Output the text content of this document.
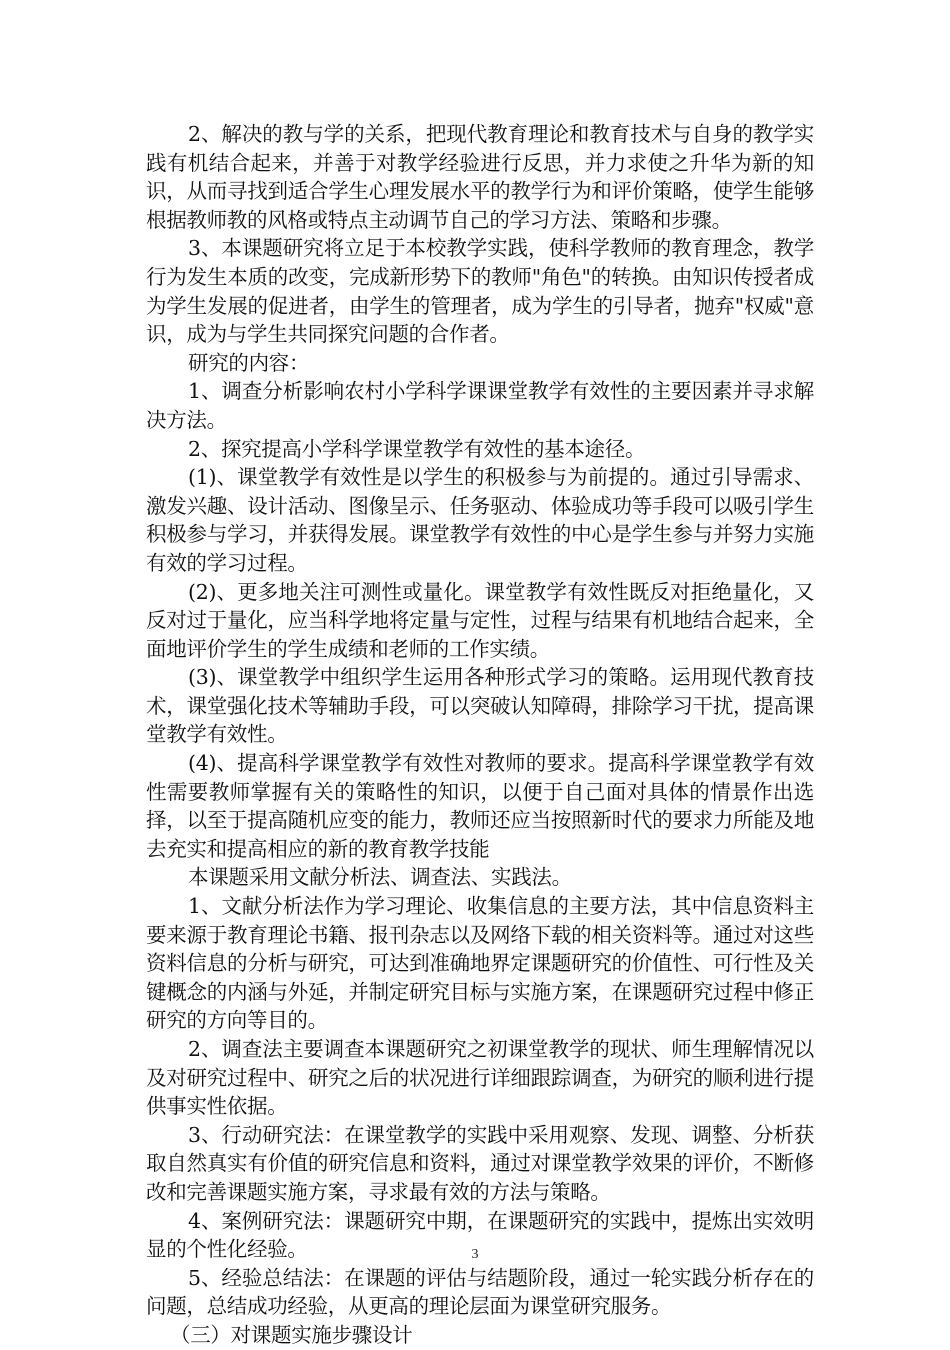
2、解决的教与学的关系，把现代教育理论和教育技术与自身的教学实践有机结合起来，并善于对教学经验进行反思，并力求使之升华为新的知识，从而寻找到适合学生心理发展水平的教学行为和评价策略，使学生能够根据教师教的风格或特点主动调节自己的学习方法、策略和步骤。

3、本课题研究将立足于本校教学实践，使科学教师的教育理念，教学行为发生本质的改变，完成新形势下的教师"角色"的转换。由知识传授者成为学生发展的促进者，由学生的管理者，成为学生的引导者，抛弃"权威"意识，成为与学生共同探究问题的合作者。

研究的内容：

1、调查分析影响农村小学科学课课堂教学有效性的主要因素并寻求解决方法。

2、探究提高小学科学课堂教学有效性的基本途径。

(1)、课堂教学有效性是以学生的积极参与为前提的。通过引导需求、激发兴趣、设计活动、图像呈示、任务驱动、体验成功等手段可以吸引学生积极参与学习，并获得发展。课堂教学有效性的中心是学生参与并努力实施有效的学习过程。

(2)、更多地关注可测性或量化。课堂教学有效性既反对拒绝量化，又反对过于量化，应当科学地将定量与定性，过程与结果有机地结合起来，全面地评价学生的学生成绩和老师的工作实绩。

(3)、课堂教学中组织学生运用各种形式学习的策略。运用现代教育技术，课堂强化技术等辅助手段，可以突破认知障碍，排除学习干扰，提高课堂教学有效性。

(4)、提高科学课堂教学有效性对教师的要求。提高科学课堂教学有效性需要教师掌握有关的策略性的知识，以便于自己面对具体的情景作出选择，以至于提高随机应变的能力，教师还应当按照新时代的要求力所能及地去充实和提高相应的新的教育教学技能

本课题采用文献分析法、调查法、实践法。

1、文献分析法作为学习理论、收集信息的主要方法，其中信息资料主要来源于教育理论书籍、报刊杂志以及网络下载的相关资料等。通过对这些资料信息的分析与研究，可达到准确地界定课题研究的价值性、可行性及关键概念的内涵与外延，并制定研究目标与实施方案，在课题研究过程中修正研究的方向等目的。

2、调查法主要调查本课题研究之初课堂教学的现状、师生理解情况以及对研究过程中、研究之后的状况进行详细跟踪调查，为研究的顺利进行提供事实性依据。

3、行动研究法：在课堂教学的实践中采用观察、发现、调整、分析获取自然真实有价值的研究信息和资料，通过对课堂教学效果的评价，不断修改和完善课题实施方案，寻求最有效的方法与策略。

4、案例研究法：课题研究中期，在课题研究的实践中，提炼出实效明显的个性化经验。

5、经验总结法：在课题的评估与结题阶段，通过一轮实践分析存在的问题，总结成功经验，从更高的理论层面为课堂研究服务。

（三）对课题实施步骤设计

3
